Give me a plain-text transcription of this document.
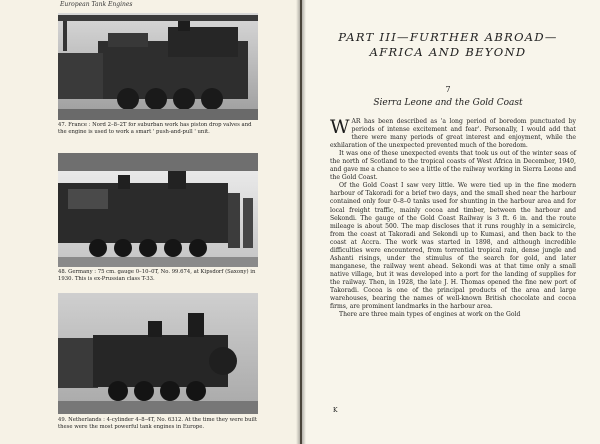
European Tank Engines
47. France : Nord 2–8–2T for suburban work has piston drop valves and the engine is used to work a smart ' push-and-pull ' unit.
48. Germany : 75 cm. gauge 0–10–0T, No. 99.674, at Kipsdorf (Saxony) in 1930. This is ex-Prussian class T-33.
49. Netherlands : 4-cylinder 4–8–4T, No. 6312. At the time they were built these were the most powerful tank engines in Europe.
PART III—FURTHER ABROAD—
AFRICA AND BEYOND
7
Sierra Leone and the Gold Coast

WAR has been described as 'a long period of boredom punctuated by periods of intense excitement and fear'. Personally, I would add that there were many periods of great interest and enjoyment, while the exhilaration of the unexpected prevented much of the boredom.

It was one of these unexpected events that took us out of the winter seas of the north of Scotland to the tropical coasts of West Africa in December, 1940, and gave me a chance to see a little of the railway working in Sierra Leone and the Gold Coast.

Of the Gold Coast I saw very little. We were tied up in the fine modern harbour of Takoradi for a brief two days, and the small shed near the harbour contained only four 0–8–0 tanks used for shunting in the harbour area and for local freight traffic, mainly cocoa and timber, between the harbour and Sekondi. The gauge of the Gold Coast Railway is 3 ft. 6 in. and the route mileage is about 500. The map discloses that it runs roughly in a semicircle, from the coast at Takoradi and Sekondi up to Kumasi, and then back to the coast at Accra. The work was started in 1898, and although incredible difficulties were encountered, from torrential tropical rain, dense jungle and Ashanti risings, under the stimulus of the search for gold, and later manganese, the railway went ahead. Sekondi was at that time only a small native village, but it was developed into a port for the landing of supplies for the railway. Then, in 1928, the late J. H. Thomas opened the fine new port of Takoradi. Cocoa is one of the principal products of the area and large warehouses, bearing the names of well-known British chocolate and cocoa firms, are prominent landmarks in the harbour area.

There are three main types of engines at work on the Gold

K
